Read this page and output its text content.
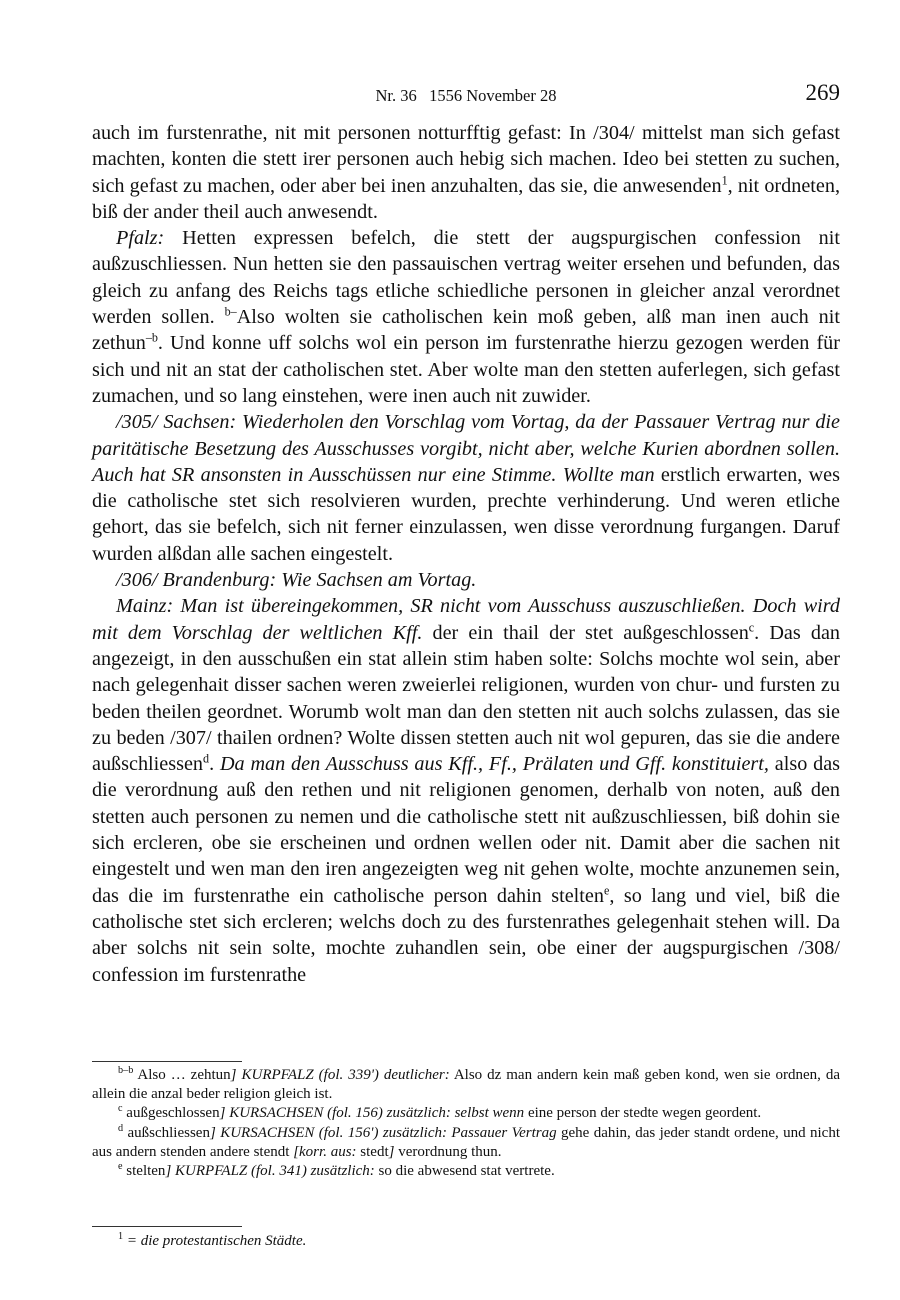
Nr. 36   1556 November 28	269

auch im furstenrathe, nit mit personen notturfftig gefast: In /304/ mittelst man sich gefast machten, konten die stett irer personen auch hebig sich machen. Ideo bei stetten zu suchen, sich gefast zu machen, oder aber bei inen anzuhalten, das sie, die anwesenden$^1$, nit ordneten, biß der ander theil auch anwesendt.

Pfalz: Hetten expressen befelch, die stett der augspurgischen confession nit außzuschliessen. Nun hetten sie den passauischen vertrag weiter ersehen und befunden, das gleich zu anfang des Reichs tags etliche schiedliche personen in gleicher anzal verordnet werden sollen. $^{b-}$Also wolten sie catholischen kein moß geben, alß man inen auch nit zethun$^{-b}$. Und konne uff solchs wol ein person im furstenrathe hierzu gezogen werden für sich und nit an stat der catholischen stet. Aber wolte man den stetten auferlegen, sich gefast zumachen, und so lang einstehen, were inen auch nit zuwider.

/305/ Sachsen: Wiederholen den Vorschlag vom Vortag, da der Passauer Vertrag nur die paritätische Besetzung des Ausschusses vorgibt, nicht aber, welche Kurien abordnen sollen. Auch hat SR ansonsten in Ausschüssen nur eine Stimme. Wollte man erstlich erwarten, wes die catholische stet sich resolvieren wurden, prechte verhinderung. Und weren etliche gehort, das sie befelch, sich nit ferner einzulassen, wen disse verordnung furgangen. Daruf wurden alßdan alle sachen eingestelt.

/306/ Brandenburg: Wie Sachsen am Vortag.

Mainz: Man ist übereingekommen, SR nicht vom Ausschuss auszuschließen. Doch wird mit dem Vorschlag der weltlichen Kff. der ein thail der stet außgeschlossen$^c$. Das dan angezeigt, in den ausschußen ein stat allein stim haben solte: Solchs mochte wol sein, aber nach gelegenhait disser sachen weren zweierlei religionen, wurden von chur- und fursten zu beden theilen geordnet. Worumb wolt man dan den stetten nit auch solchs zulassen, das sie zu beden /307/ thailen ordnen? Wolte dissen stetten auch nit wol gepuren, das sie die andere außschliessen$^d$. Da man den Ausschuss aus Kff., Ff., Prälaten und Gff. konstituiert, also das die verordnung auß den rethen und nit religionen genomen, derhalb von noten, auß den stetten auch personen zu nemen und die catholische stett nit außzuschliessen, biß dohin sie sich ercleren, obe sie erscheinen und ordnen wellen oder nit. Damit aber die sachen nit eingestelt und wen man den iren angezeigten weg nit gehen wolte, mochte anzunemen sein, das die im furstenrathe ein catholische person dahin stelten$^e$, so lang und viel, biß die catholische stet sich ercleren; welchs doch zu des furstenrathes gelegenhait stehen will. Da aber solchs nit sein solte, mochte zuhandlen sein, obe einer der augspurgischen /308/ confession im furstenrathe

$^{b-b}$ Also … zehtun] KURPFALZ (fol. 339') deutlicher: Also dz man andern kein maß geben kond, wen sie ordnen, da allein die anzal beder religion gleich ist.

$^c$ außgeschlossen] KURSACHSEN (fol. 156) zusätzlich: selbst wenn eine person der stedte wegen geordent.

$^d$ außschliessen] KURSACHSEN (fol. 156') zusätzlich: Passauer Vertrag gehe dahin, das jeder standt ordene, und nicht aus andern stenden andere stendt [korr. aus: stedt] verordnung thun.

$^e$ stelten] KURPFALZ (fol. 341) zusätzlich: so die abwesend stat vertrete.

$^1$ = die protestantischen Städte.
